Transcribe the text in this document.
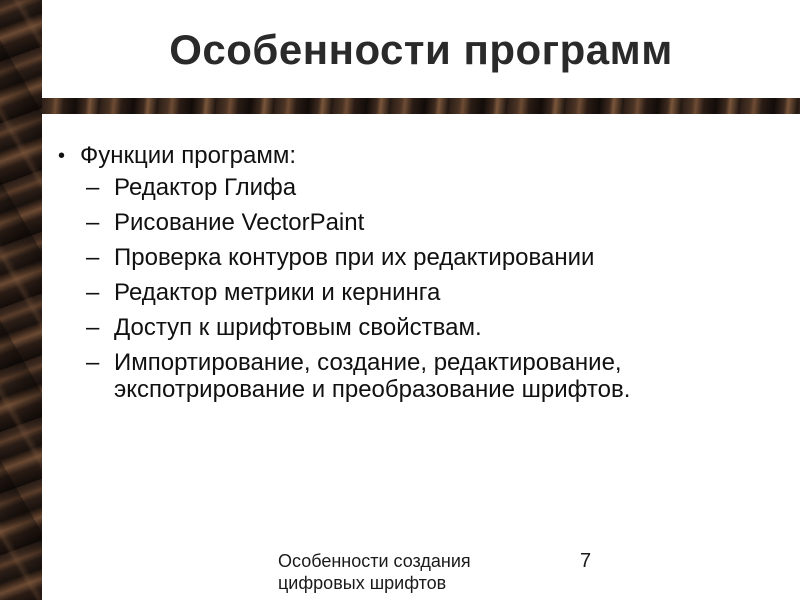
Особенности программ
• Функции программ:
– Редактор Глифа
– Рисование VectorPaint
– Проверка контуров при их редактировании
– Редактор метрики и кернинга
– Доступ к шрифтовым свойствам.
– Импортирование, создание, редактирование, экспотрирование и преобразование шрифтов.
Особенности создания цифровых шрифтов
7
